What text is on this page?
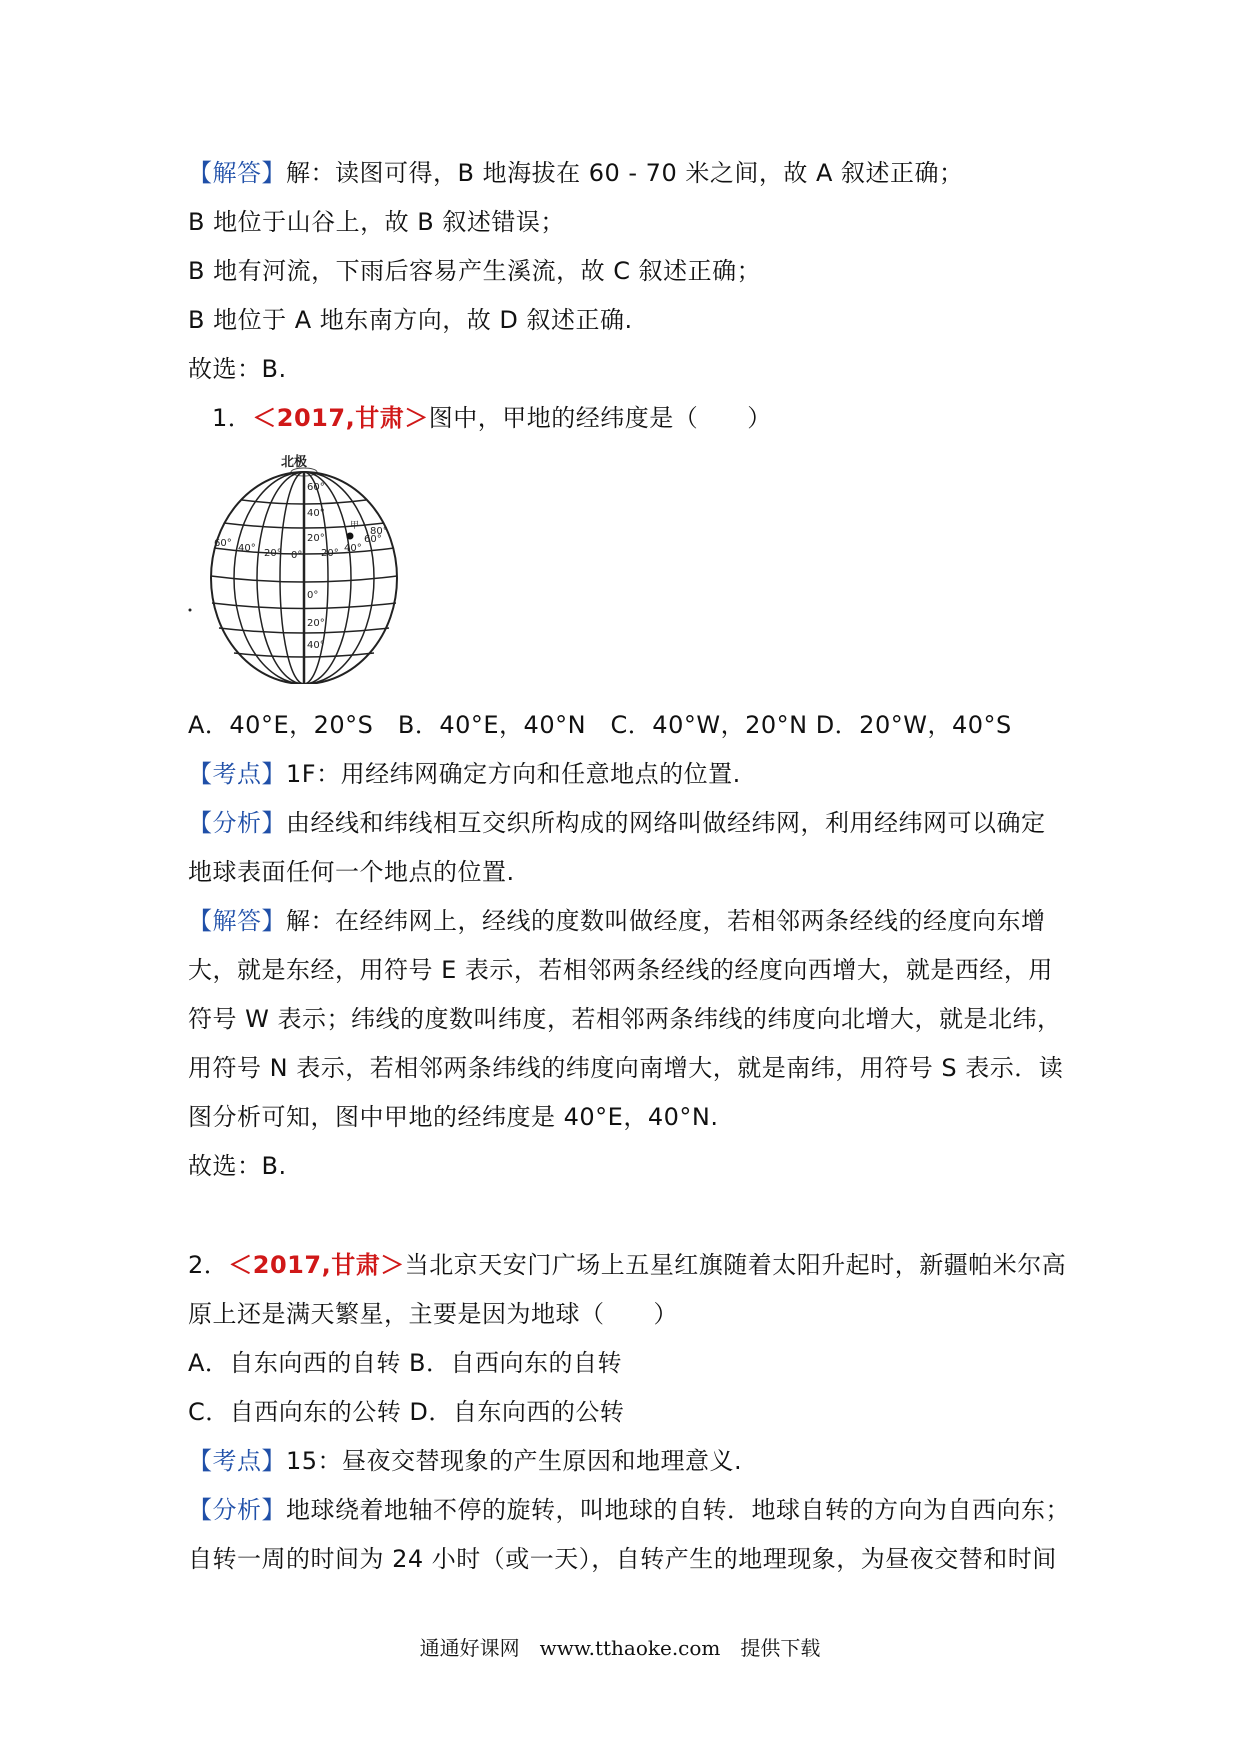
【解答】解：读图可得，B 地海拔在 60 - 70 米之间，故 A 叙述正确；
B 地位于山谷上，故 B 叙述错误；
B 地有河流，下雨后容易产生溪流，故 C 叙述正确；
B 地位于 A 地东南方向，故 D 叙述正确.
故选：B.
1．＜2017,甘肃＞图中，甲地的经纬度是（　　）
北极
60° 40° 20° 0° 20° 40°
60°
60°
40°
20°
0°
20°
40°
80°
甲
A．40°E，20°S　B．40°E，40°N　C．40°W，20°N D．20°W，40°S
【考点】1F：用经纬网确定方向和任意地点的位置.
【分析】由经线和纬线相互交织所构成的网络叫做经纬网，利用经纬网可以确定
地球表面任何一个地点的位置.
【解答】解：在经纬网上，经线的度数叫做经度，若相邻两条经线的经度向东增
大，就是东经，用符号 E 表示，若相邻两条经线的经度向西增大，就是西经，用
符号 W 表示；纬线的度数叫纬度，若相邻两条纬线的纬度向北增大，就是北纬，
用符号 N 表示，若相邻两条纬线的纬度向南增大，就是南纬，用符号 S 表示．读
图分析可知，图中甲地的经纬度是 40°E，40°N.
故选：B.
2．＜2017,甘肃＞当北京天安门广场上五星红旗随着太阳升起时，新疆帕米尔高
原上还是满天繁星，主要是因为地球（　　）
A．自东向西的自转 B．自西向东的自转
C．自西向东的公转 D．自东向西的公转
【考点】15：昼夜交替现象的产生原因和地理意义.
【分析】地球绕着地轴不停的旋转，叫地球的自转．地球自转的方向为自西向东；
自转一周的时间为 24 小时（或一天），自转产生的地理现象，为昼夜交替和时间
通通好课网　www.tthaoke.com　提供下载
